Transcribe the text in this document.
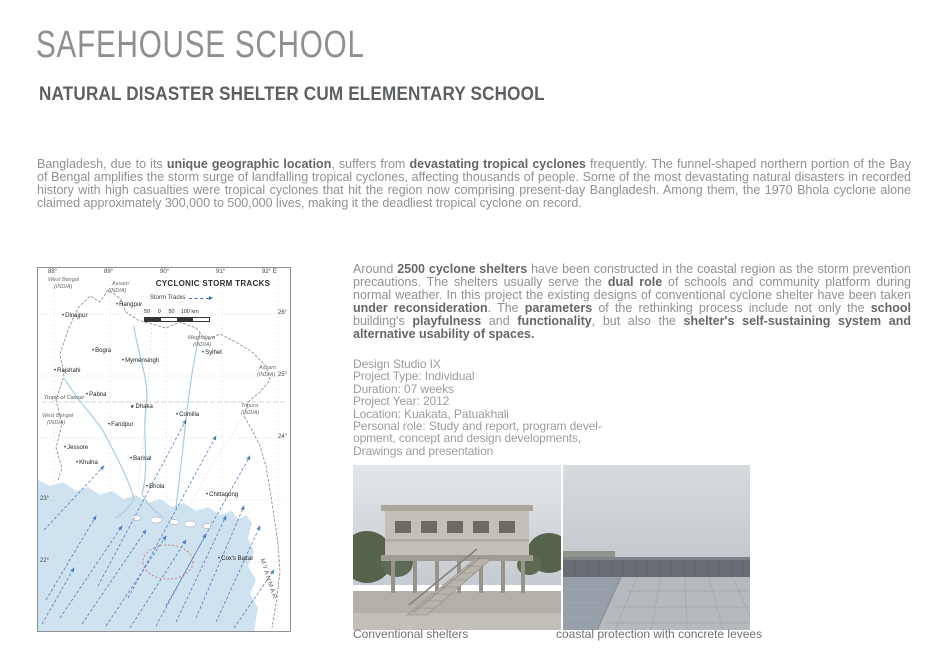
SAFEHOUSE SCHOOL
NATURAL DISASTER SHELTER CUM ELEMENTARY SCHOOL

Bangladesh, due to its unique geographic location, suffers from devastating tropical cyclones frequently. The funnel-shaped northern portion of the Bay of Bengal amplifies the storm surge of landfalling tropical cyclones, affecting thousands of people. Some of the most devastating natural disasters in recorded history with high casualties were tropical cyclones that hit the region now comprising present-day Bangladesh. Among them, the 1970 Bhola cyclone alone claimed approximately 300,000 to 500,000 lives, making it the deadliest tropical cyclone on record.

88°	89°	90°	91°	92° E
26°
25°
24°
23°
22°
West Bengal
(INDIA)	Assam
(INDIA)
Meghalaya
(INDIA)
Assam
(INDIA)
Tripura
(INDIA)
West Bengal
(INDIA)
MYANMAR
• Rangpur
• Dinajpur
• Bogra
• Mymensingh
• Sylhet
• Rajshahi
• Pabna
★ Dhaka
• Comilla
• Faridpur
Tropic of Cancer
• Jessore
• Khulna
• Barisal
• Bhola
• Chittagong
• Cox's Bazar
CYCLONIC STORM TRACKS
Storm Tracks
50     0     50    100 km

Around 2500 cyclone shelters have been constructed in the coastal region as the storm prevention precautions. The shelters usually serve the dual role of schools and community platform during normal weather. In this project the existing designs of conventional cyclone shelter have been taken under reconsideration. The parameters of the rethinking process include not only the school building's playfulness and functionality, but also the shelter's self-sustaining system and alternative usability of spaces.

Design Studio IX
Project Type: Individual
Duration: 07 weeks
Project Year: 2012
Location: Kuakata, Patuakhali
Personal role: Study and report, program devel-
opment, concept and design developments,
Drawings and presentation
Conventional shelters	coastal protection with concrete levees
